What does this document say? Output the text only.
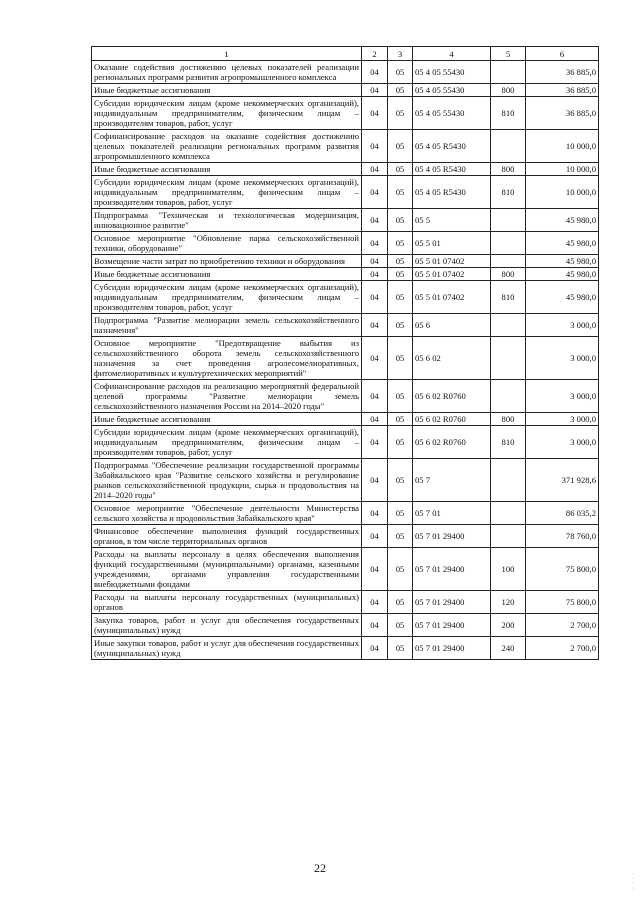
1	2	3	4	5	6
Оказание содействия достижению целевых показателей реализации региональных программ развития агропромышленного комплекса	04	05	05 4 05 55430		36 885,0
Иные бюджетные ассигнования	04	05	05 4 05 55430	800	36 885,0
Субсидии юридическим лицам (кроме некоммерческих организаций), индивидуальным предпринимателям, физическим лицам – производителям товаров, работ, услуг	04	05	05 4 05 55430	810	36 885,0
Софинансирование расходов на оказание содействия достижению целевых показателей реализации региональных программ развития агропромышленного комплекса	04	05	05 4 05 R5430		10 000,0
Иные бюджетные ассигнования	04	05	05 4 05 R5430	800	10 000,0
Субсидии юридическим лицам (кроме некоммерческих организаций), индивидуальным предпринимателям, физическим лицам – производителям товаров, работ, услуг	04	05	05 4 05 R5430	810	10 000,0
Подпрограмма "Техническая и технологическая модернизация, инновационное развитие"	04	05	05 5		45 980,0
Основное мероприятие "Обновление парка сельскохозяйственной техники, оборудование"	04	05	05 5 01		45 980,0
Возмещение части затрат по приобретению техники и оборудования	04	05	05 5 01 07402		45 980,0
Иные бюджетные ассигнования	04	05	05 5 01 07402	800	45 980,0
Субсидии юридическим лицам (кроме некоммерческих организаций), индивидуальным предпринимателям, физическим лицам – производителям товаров, работ, услуг	04	05	05 5 01 07402	810	45 980,0
Подпрограмма "Развитие мелиорации земель сельскохозяйственного назначения"	04	05	05 6		3 000,0
Основное мероприятие "Предотвращение выбытия из сельскохозяйственного оборота земель сельскохозяйственного назначения за счет проведения агролесомелиоративных, фитомелиоративных и культуртехнических мероприятий"	04	05	05 6 02		3 000,0
Софинансирование расходов на реализацию мероприятий федеральной целевой программы "Развитие мелиорации земель сельскохозяйственного назначения России на 2014–2020 годы"	04	05	05 6 02 R0760		3 000,0
Иные бюджетные ассигнования	04	05	05 6 02 R0760	800	3 000,0
Субсидии юридическим лицам (кроме некоммерческих организаций), индивидуальным предпринимателям, физическим лицам – производителям товаров, работ, услуг	04	05	05 6 02 R0760	810	3 000,0
Подпрограмма "Обеспечение реализации государственной программы Забайкальского края "Развитие сельского хозяйства и регулирование рынков сельскохозяйственной продукции, сырья и продовольствия на 2014–2020 годы"	04	05	05 7		371 928,6
Основное мероприятие "Обеспечение деятельности Министерства сельского хозяйства и продовольствия Забайкальского края"	04	05	05 7 01		86 035,2
Финансовое обеспечение выполнения функций государственных органов, в том числе территориальных органов	04	05	05 7 01 29400		78 760,0
Расходы на выплаты персоналу в целях обеспечения выполнения функций государственными (муниципальными) органами, казенными учреждениями, органами управления государственными внебюджетными фондами	04	05	05 7 01 29400	100	75 800,0
Расходы на выплаты персоналу государственных (муниципальных) органов	04	05	05 7 01 29400	120	75 800,0
Закупка товаров, работ и услуг для обеспечения государственных (муниципальных) нужд	04	05	05 7 01 29400	200	2 700,0
Иные закупки товаров, работ и услуг для обеспечения государственных (муниципальных) нужд	04	05	05 7 01 29400	240	2 700,0
22	·
·
·
·
